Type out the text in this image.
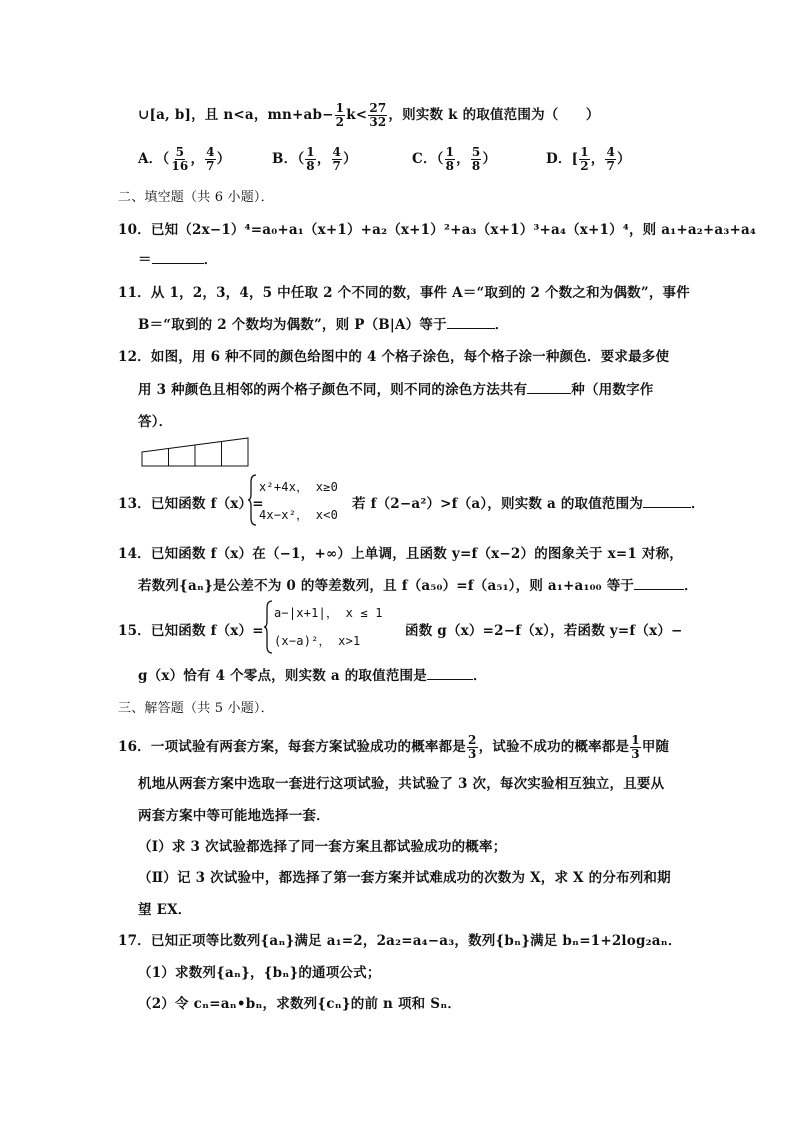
∪[a, b]，且 n<a，$mn+ab- \frac{1}{2} k< \frac{27}{32}$ ，则实数 k 的取值范围为（　　）
A．（ $\frac{5}{16}$ ， $\frac{4}{7}$ ）	B．（ $\frac{1}{8}$ ， $\frac{4}{7}$ ）	C．（ $\frac{1}{8}$ ， $\frac{5}{8}$ ）	D．[ $\frac{1}{2}$ ， $\frac{4}{7}$ ）
二、填空题（共 6 小题）．
10．已知（2x−1）⁴=a₀+a₁（x+1）+a₂（x+1）²+a₃（x+1）³+a₄（x+1）⁴，则 a₁+a₂+a₃+a₄
＝	．
11．从 1，2，3，4，5 中任取 2 个不同的数，事件 A＝“取到的 2 个数之和为偶数”，事件
B＝“取到的 2 个数均为偶数”，则 P（B|A）等于	．
12．如图，用 6 种不同的颜色给图中的 4 个格子涂色，每个格子涂一种颜色．要求最多使
用 3 种颜色且相邻的两个格子颜色不同，则不同的涂色方法共有	种（用数字作
答）．
13．已知函数 f（x）=
x²+4x， x≥0
4x−x²， x<0
若 f（2−a²）>f（a），则实数 a 的取值范围为	．
14．已知函数 f（x）在（−1，+∞）上单调，且函数 y=f（x−2）的图象关于 x=1 对称，
若数列{aₙ}是公差不为 0 的等差数列，且 f（a₅₀）=f（a₅₁），则 a₁+a₁₀₀ 等于	．
15．已知函数 f（x）=
a−|x+1|， x ≤ 1
(x−a)²， x>1
函数 g（x）=2−f（x），若函数 y=f（x）−
g（x）恰有 4 个零点，则实数 a 的取值范围是	．
三、解答题（共 5 小题）．
16．一项试验有两套方案，每套方案试验成功的概率都是 $\frac{2}{3}$ ，试验不成功的概率都是 $\frac{1}{3}$ 甲随
机地从两套方案中选取一套进行这项试验，共试验了 3 次，每次实验相互独立，且要从
两套方案中等可能地选择一套．
（Ⅰ）求 3 次试验都选择了同一套方案且都试验成功的概率；
（Ⅱ）记 3 次试验中，都选择了第一套方案并试难成功的次数为 X，求 X 的分布列和期
望 EX．
17．已知正项等比数列{aₙ}满足 a₁=2，2a₂=a₄−a₃，数列{bₙ}满足 bₙ=1+2log₂aₙ．
（1）求数列{aₙ}，{bₙ}的通项公式；
（2）令 cₙ=aₙ•bₙ，求数列{cₙ}的前 n 项和 Sₙ．
